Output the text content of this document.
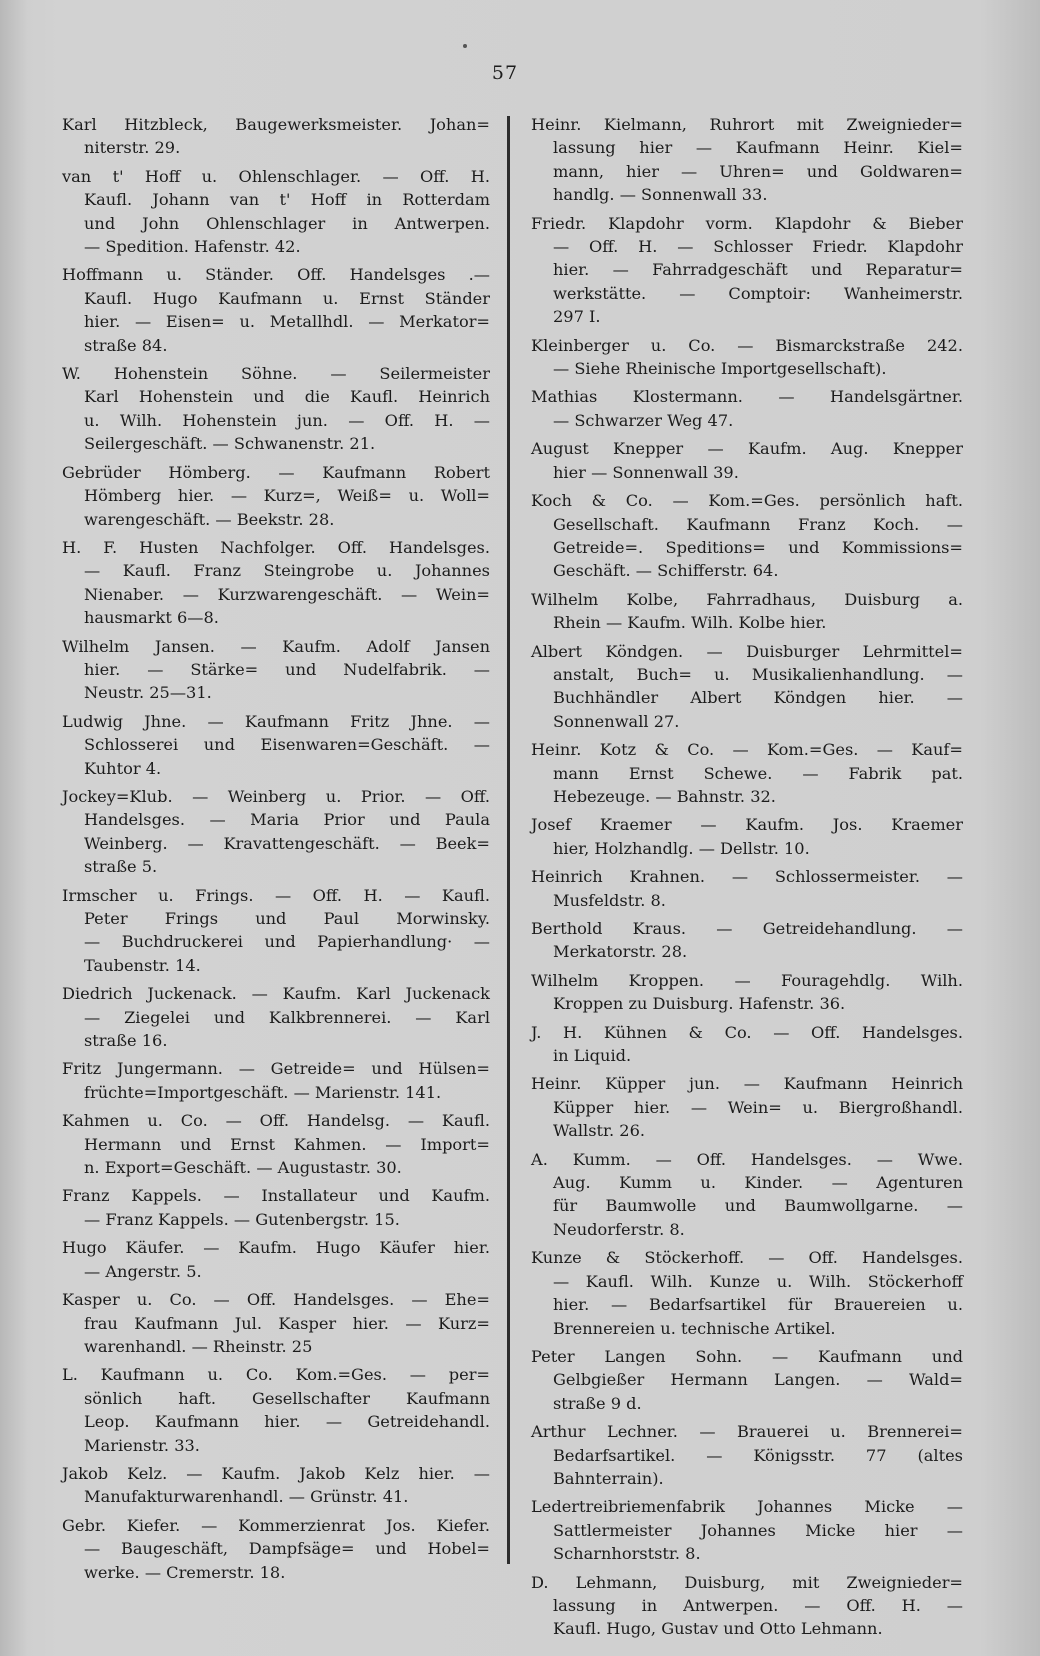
57
Karl Hitzbleck, Baugewerksmeister. Johan=
niterstr. 29.
van t' Hoff u. Ohlenschlager. — Off. H.
Kaufl. Johann van t' Hoff in Rotterdam
und John Ohlenschlager in Antwerpen.
— Spedition. Hafenstr. 42.
Hoffmann u. Ständer. Off. Handelsges .—
Kaufl. Hugo Kaufmann u. Ernst Ständer
hier. — Eisen= u. Metallhdl. — Merkator=
straße 84.
W. Hohenstein Söhne. — Seilermeister
Karl Hohenstein und die Kaufl. Heinrich
u. Wilh. Hohenstein jun. — Off. H. —
Seilergeschäft. — Schwanenstr. 21.
Gebrüder Hömberg. — Kaufmann Robert
Hömberg hier. — Kurz=, Weiß= u. Woll=
warengeschäft. — Beekstr. 28.
H. F. Husten Nachfolger. Off. Handelsges.
— Kaufl. Franz Steingrobe u. Johannes
Nienaber. — Kurzwarengeschäft. — Wein=
hausmarkt 6—8.
Wilhelm Jansen. — Kaufm. Adolf Jansen
hier. — Stärke= und Nudelfabrik. —
Neustr. 25—31.
Ludwig Jhne. — Kaufmann Fritz Jhne. —
Schlosserei und Eisenwaren=Geschäft. —
Kuhtor 4.
Jockey=Klub. — Weinberg u. Prior. — Off.
Handelsges. — Maria Prior und Paula
Weinberg. — Kravattengeschäft. — Beek=
straße 5.
Irmscher u. Frings. — Off. H. — Kaufl.
Peter Frings und Paul Morwinsky.
— Buchdruckerei und Papierhandlung· —
Taubenstr. 14.
Diedrich Juckenack. — Kaufm. Karl Juckenack
— Ziegelei und Kalkbrennerei. — Karl
straße 16.
Fritz Jungermann. — Getreide= und Hülsen=
früchte=Importgeschäft. — Marienstr. 141.
Kahmen u. Co. — Off. Handelsg. — Kaufl.
Hermann und Ernst Kahmen. — Import=
n. Export=Geschäft. — Augustastr. 30.
Franz Kappels. — Installateur und Kaufm.
— Franz Kappels. — Gutenbergstr. 15.
Hugo Käufer. — Kaufm. Hugo Käufer hier.
— Angerstr. 5.
Kasper u. Co. — Off. Handelsges. — Ehe=
frau Kaufmann Jul. Kasper hier. — Kurz=
warenhandl. — Rheinstr. 25
L. Kaufmann u. Co. Kom.=Ges. — per=
sönlich haft. Gesellschafter Kaufmann
Leop. Kaufmann hier. — Getreidehandl.
Marienstr. 33.
Jakob Kelz. — Kaufm. Jakob Kelz hier. —
Manufakturwarenhandl. — Grünstr. 41.
Gebr. Kiefer. — Kommerzienrat Jos. Kiefer.
— Baugeschäft, Dampfsäge= und Hobel=
werke. — Cremerstr. 18.
Heinr. Kielmann, Ruhrort mit Zweignieder=
lassung hier — Kaufmann Heinr. Kiel=
mann, hier — Uhren= und Goldwaren=
handlg. — Sonnenwall 33.
Friedr. Klapdohr vorm. Klapdohr & Bieber
— Off. H. — Schlosser Friedr. Klapdohr
hier. — Fahrradgeschäft und Reparatur=
werkstätte. — Comptoir: Wanheimerstr.
297 I.
Kleinberger u. Co. — Bismarckstraße 242.
— Siehe Rheinische Importgesellschaft).
Mathias Klostermann. — Handelsgärtner.
— Schwarzer Weg 47.
August Knepper — Kaufm. Aug. Knepper
hier — Sonnenwall 39.
Koch & Co. — Kom.=Ges. persönlich haft.
Gesellschaft. Kaufmann Franz Koch. —
Getreide=. Speditions= und Kommissions=
Geschäft. — Schifferstr. 64.
Wilhelm Kolbe, Fahrradhaus, Duisburg a.
Rhein — Kaufm. Wilh. Kolbe hier.
Albert Köndgen. — Duisburger Lehrmittel=
anstalt, Buch= u. Musikalienhandlung. —
Buchhändler Albert Köndgen hier. —
Sonnenwall 27.
Heinr. Kotz & Co. — Kom.=Ges. — Kauf=
mann Ernst Schewe. — Fabrik pat.
Hebezeuge. — Bahnstr. 32.
Josef Kraemer — Kaufm. Jos. Kraemer
hier, Holzhandlg. — Dellstr. 10.
Heinrich Krahnen. — Schlossermeister. —
Musfeldstr. 8.
Berthold Kraus. — Getreidehandlung. —
Merkatorstr. 28.
Wilhelm Kroppen. — Fouragehdlg. Wilh.
Kroppen zu Duisburg. Hafenstr. 36.
J. H. Kühnen & Co. — Off. Handelsges.
in Liquid.
Heinr. Küpper jun. — Kaufmann Heinrich
Küpper hier. — Wein= u. Biergroßhandl.
Wallstr. 26.
A. Kumm. — Off. Handelsges. — Wwe.
Aug. Kumm u. Kinder. — Agenturen
für Baumwolle und Baumwollgarne. —
Neudorferstr. 8.
Kunze & Stöckerhoff. — Off. Handelsges.
— Kaufl. Wilh. Kunze u. Wilh. Stöckerhoff
hier. — Bedarfsartikel für Brauereien u.
Brennereien u. technische Artikel.
Peter Langen Sohn. — Kaufmann und
Gelbgießer Hermann Langen. — Wald=
straße 9 d.
Arthur Lechner. — Brauerei u. Brennerei=
Bedarfsartikel. — Königsstr. 77 (altes
Bahnterrain).
Ledertreibriemenfabrik Johannes Micke —
Sattlermeister Johannes Micke hier —
Scharnhorststr. 8.
D. Lehmann, Duisburg, mit Zweignieder=
lassung in Antwerpen. — Off. H. —
Kaufl. Hugo, Gustav und Otto Lehmann.
